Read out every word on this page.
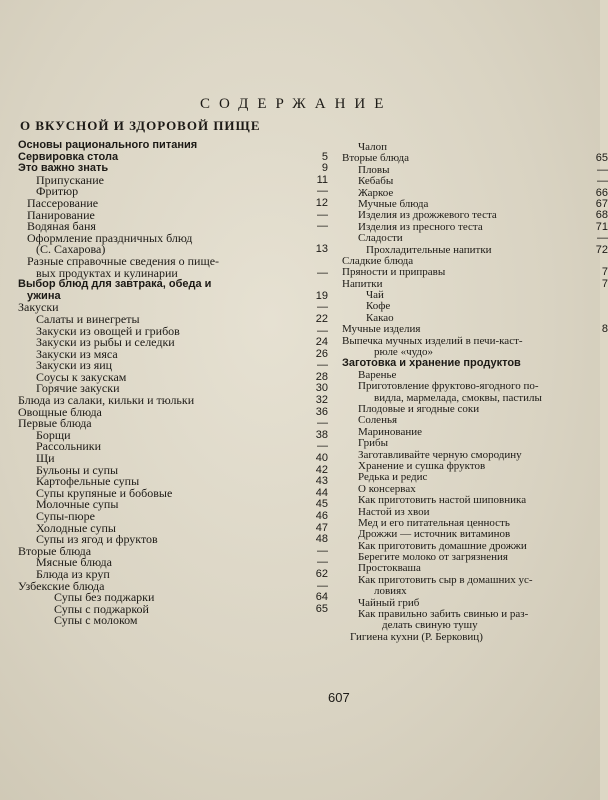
СОДЕРЖАНИЕ
О ВКУСНОЙ И ЗДОРОВОЙ ПИЩЕ
Основы рационального питания
Сервировка стола	5
Это важно знать	9
Припускание	11
Фритюр	—
Пассерование	12
Панирование	—
Водяная баня	—
Оформление праздничных блюд
(С. Сахарова)	13
Разные справочные сведения о пище-
вых продуктах и кулинарии	—
Выбор блюд для завтрака, обеда и
ужина	19
Закуски	—
Салаты и винегреты	22
Закуски из овощей и грибов	—
Закуски из рыбы и селедки	24
Закуски из мяса	26
Закуски из яиц	—
Соусы к закускам	28
Горячие закуски	30
Блюда из салаки, кильки и тюльки	32
Овощные блюда	36
Первые блюда	—
Борщи	38
Рассольники	—
Щи	40
Бульоны и супы	42
Картофельные супы	43
Супы крупяные и бобовые	44
Молочные супы	45
Супы-пюре	46
Холодные супы	47
Супы из ягод и фруктов	48
Вторые блюда	—
Мясные блюда	—
Блюда из круп	62
Узбекские блюда	—
Супы без поджарки	64
Супы с поджаркой	65
Супы с молоком
Чалоп
Вторые блюда	65
Пловы	—
Кебабы	—
Жаркое	66
Мучные блюда	67
Изделия из дрожжевого теста	68
Изделия из пресного теста	71
Сладости	—
Прохладительные напитки	72
Сладкие блюда
Пряности и приправы	7
Напитки	7
Чай
Кофе
Какао
Мучные изделия	8
Выпечка мучных изделий в печи-каст-
рюле «чудо»
Заготовка и хранение продуктов
Варенье
Приготовление фруктово-ягодного по-
видла, мармелада, смоквы, пастилы
Плодовые и ягодные соки
Соленья
Маринование
Грибы
Заготавливайте черную смородину
Хранение и сушка фруктов
Редька и редис
О консервах
Как приготовить настой шиповника
Настой из хвои
Мед и его питательная ценность
Дрожжи — источник витаминов
Как приготовить домашние дрожжи
Берегите молоко от загрязнения
Простокваша
Как приготовить сыр в домашних ус-
ловиях
Чайный гриб
Как правильно забить свинью и раз-
делать свиную тушу
Гигиена кухни (Р. Берковиц)
607
